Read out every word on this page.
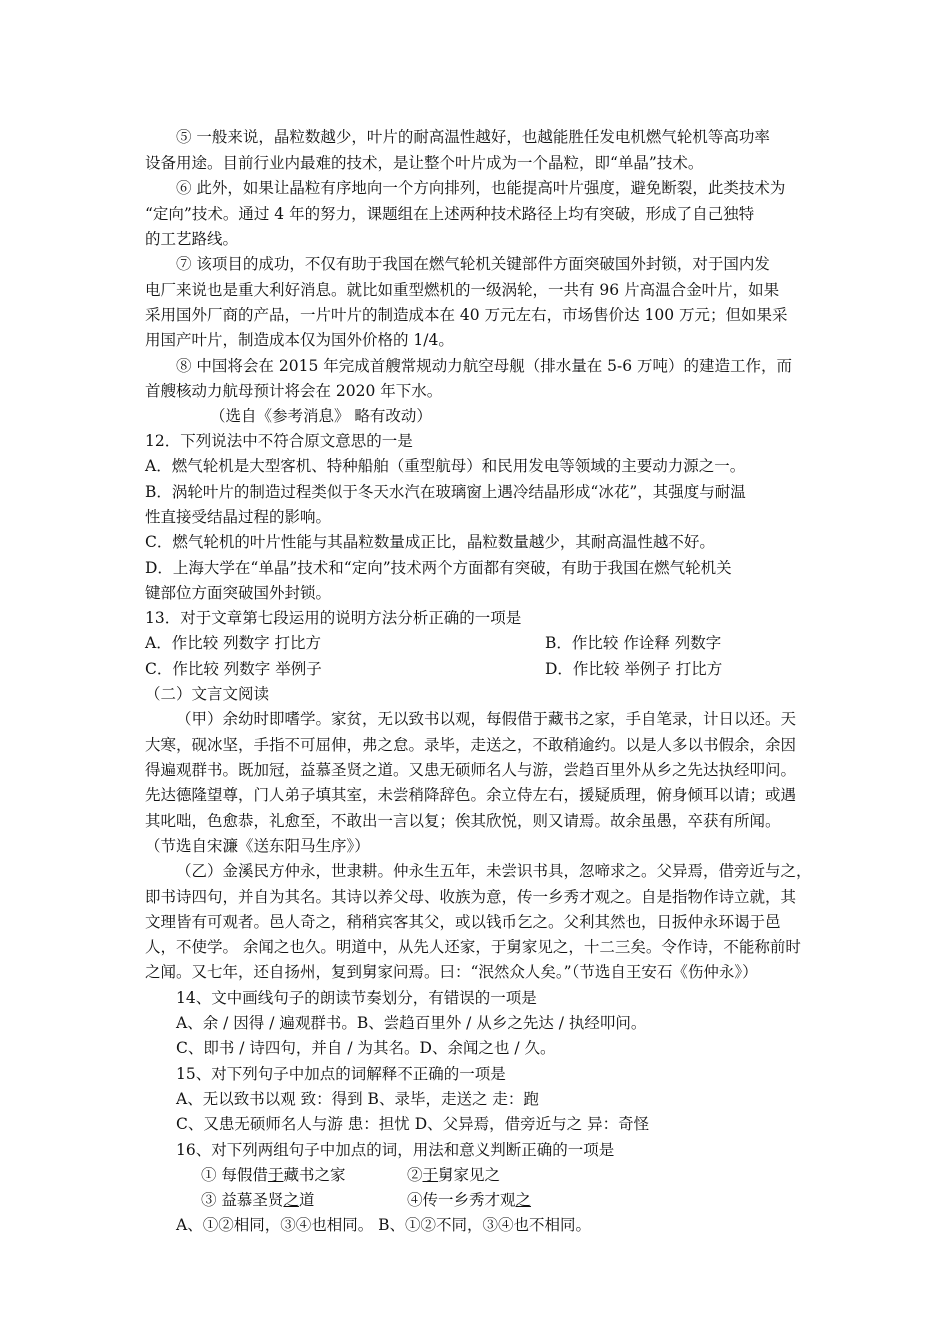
⑤ 一般来说，晶粒数越少，叶片的耐高温性越好，也越能胜任发电机燃气轮机等高功率
设备用途。目前行业内最难的技术，是让整个叶片成为一个晶粒，即“单晶”技术。
⑥ 此外，如果让晶粒有序地向一个方向排列，也能提高叶片强度，避免断裂，此类技术为
“定向”技术。通过 4 年的努力，课题组在上述两种技术路径上均有突破，形成了自己独特
的工艺路线。
⑦ 该项目的成功，不仅有助于我国在燃气轮机关键部件方面突破国外封锁，对于国内发
电厂来说也是重大利好消息。就比如重型燃机的一级涡轮，一共有 96 片高温合金叶片，如果
采用国外厂商的产品，一片叶片的制造成本在 40 万元左右，市场售价达 100 万元；但如果采
用国产叶片，制造成本仅为国外价格的 1/4。
⑧ 中国将会在 2015 年完成首艘常规动力航空母舰（排水量在 5-6 万吨）的建造工作，而
首艘核动力航母预计将会在 2020 年下水。
（选自《参考消息》 略有改动）
12．下列说法中不符合原文意思的一是
A．燃气轮机是大型客机、特种船舶（重型航母）和民用发电等领域的主要动力源之一。
B．涡轮叶片的制造过程类似于冬天水汽在玻璃窗上遇冷结晶形成“冰花”，其强度与耐温
性直接受结晶过程的影响。
C．燃气轮机的叶片性能与其晶粒数量成正比，晶粒数量越少，其耐高温性越不好。
D．上海大学在“单晶”技术和“定向”技术两个方面都有突破，有助于我国在燃气轮机关
键部位方面突破国外封锁。
13．对于文章第七段运用的说明方法分析正确的一项是
A．作比较 列数字 打比方	B．作比较 作诠释 列数字
C．作比较 列数字 举例子	D．作比较 举例子 打比方
（二）文言文阅读
（甲）余幼时即嗜学。家贫，无以致书以观，每假借于藏书之家，手自笔录，计日以还。天
大寒，砚冰坚，手指不可屈伸，弗之怠。录毕，走送之，不敢稍逾约。以是人多以书假余，余因
得遍观群书。既加冠，益慕圣贤之道。又患无硕师名人与游，尝趋百里外从乡之先达执经叩问。
先达德隆望尊，门人弟子填其室，未尝稍降辞色。余立侍左右，援疑质理，俯身倾耳以请；或遇
其叱咄，色愈恭，礼愈至，不敢出一言以复；俟其欣悦，则又请焉。故余虽愚，卒获有所闻。
（节选自宋濂《送东阳马生序》）
（乙）金溪民方仲永，世隶耕。仲永生五年，未尝识书具，忽啼求之。父异焉，借旁近与之，
即书诗四句，并自为其名。其诗以养父母、收族为意，传一乡秀才观之。自是指物作诗立就，其
文理皆有可观者。邑人奇之，稍稍宾客其父，或以钱币乞之。父利其然也，日扳仲永环谒于邑
人，不使学。 余闻之也久。明道中，从先人还家，于舅家见之，十二三矣。令作诗，不能称前时
之闻。又七年，还自扬州，复到舅家问焉。曰：“泯然众人矣。”（节选自王安石《伤仲永》）
14、文中画线句子的朗读节奏划分，有错误的一项是
A、余 / 因得 / 遍观群书。B、尝趋百里外 / 从乡之先达 / 执经叩问。
C、即书 / 诗四句，并自 / 为其名。D、余闻之也 / 久。
15、对下列句子中加点的词解释不正确的一项是
A、无以致书以观 致：得到 B、录毕，走送之 走：跑
C、又患无硕师名人与游 患：担忧 D、父异焉，借旁近与之 异：奇怪
16、对下列两组句子中加点的词，用法和意义判断正确的一项是
① 每假借于藏书之家	②于舅家见之
③ 益慕圣贤之道	④传一乡秀才观之
A、①②相同，③④也相同。 B、①②不同，③④也不相同。
